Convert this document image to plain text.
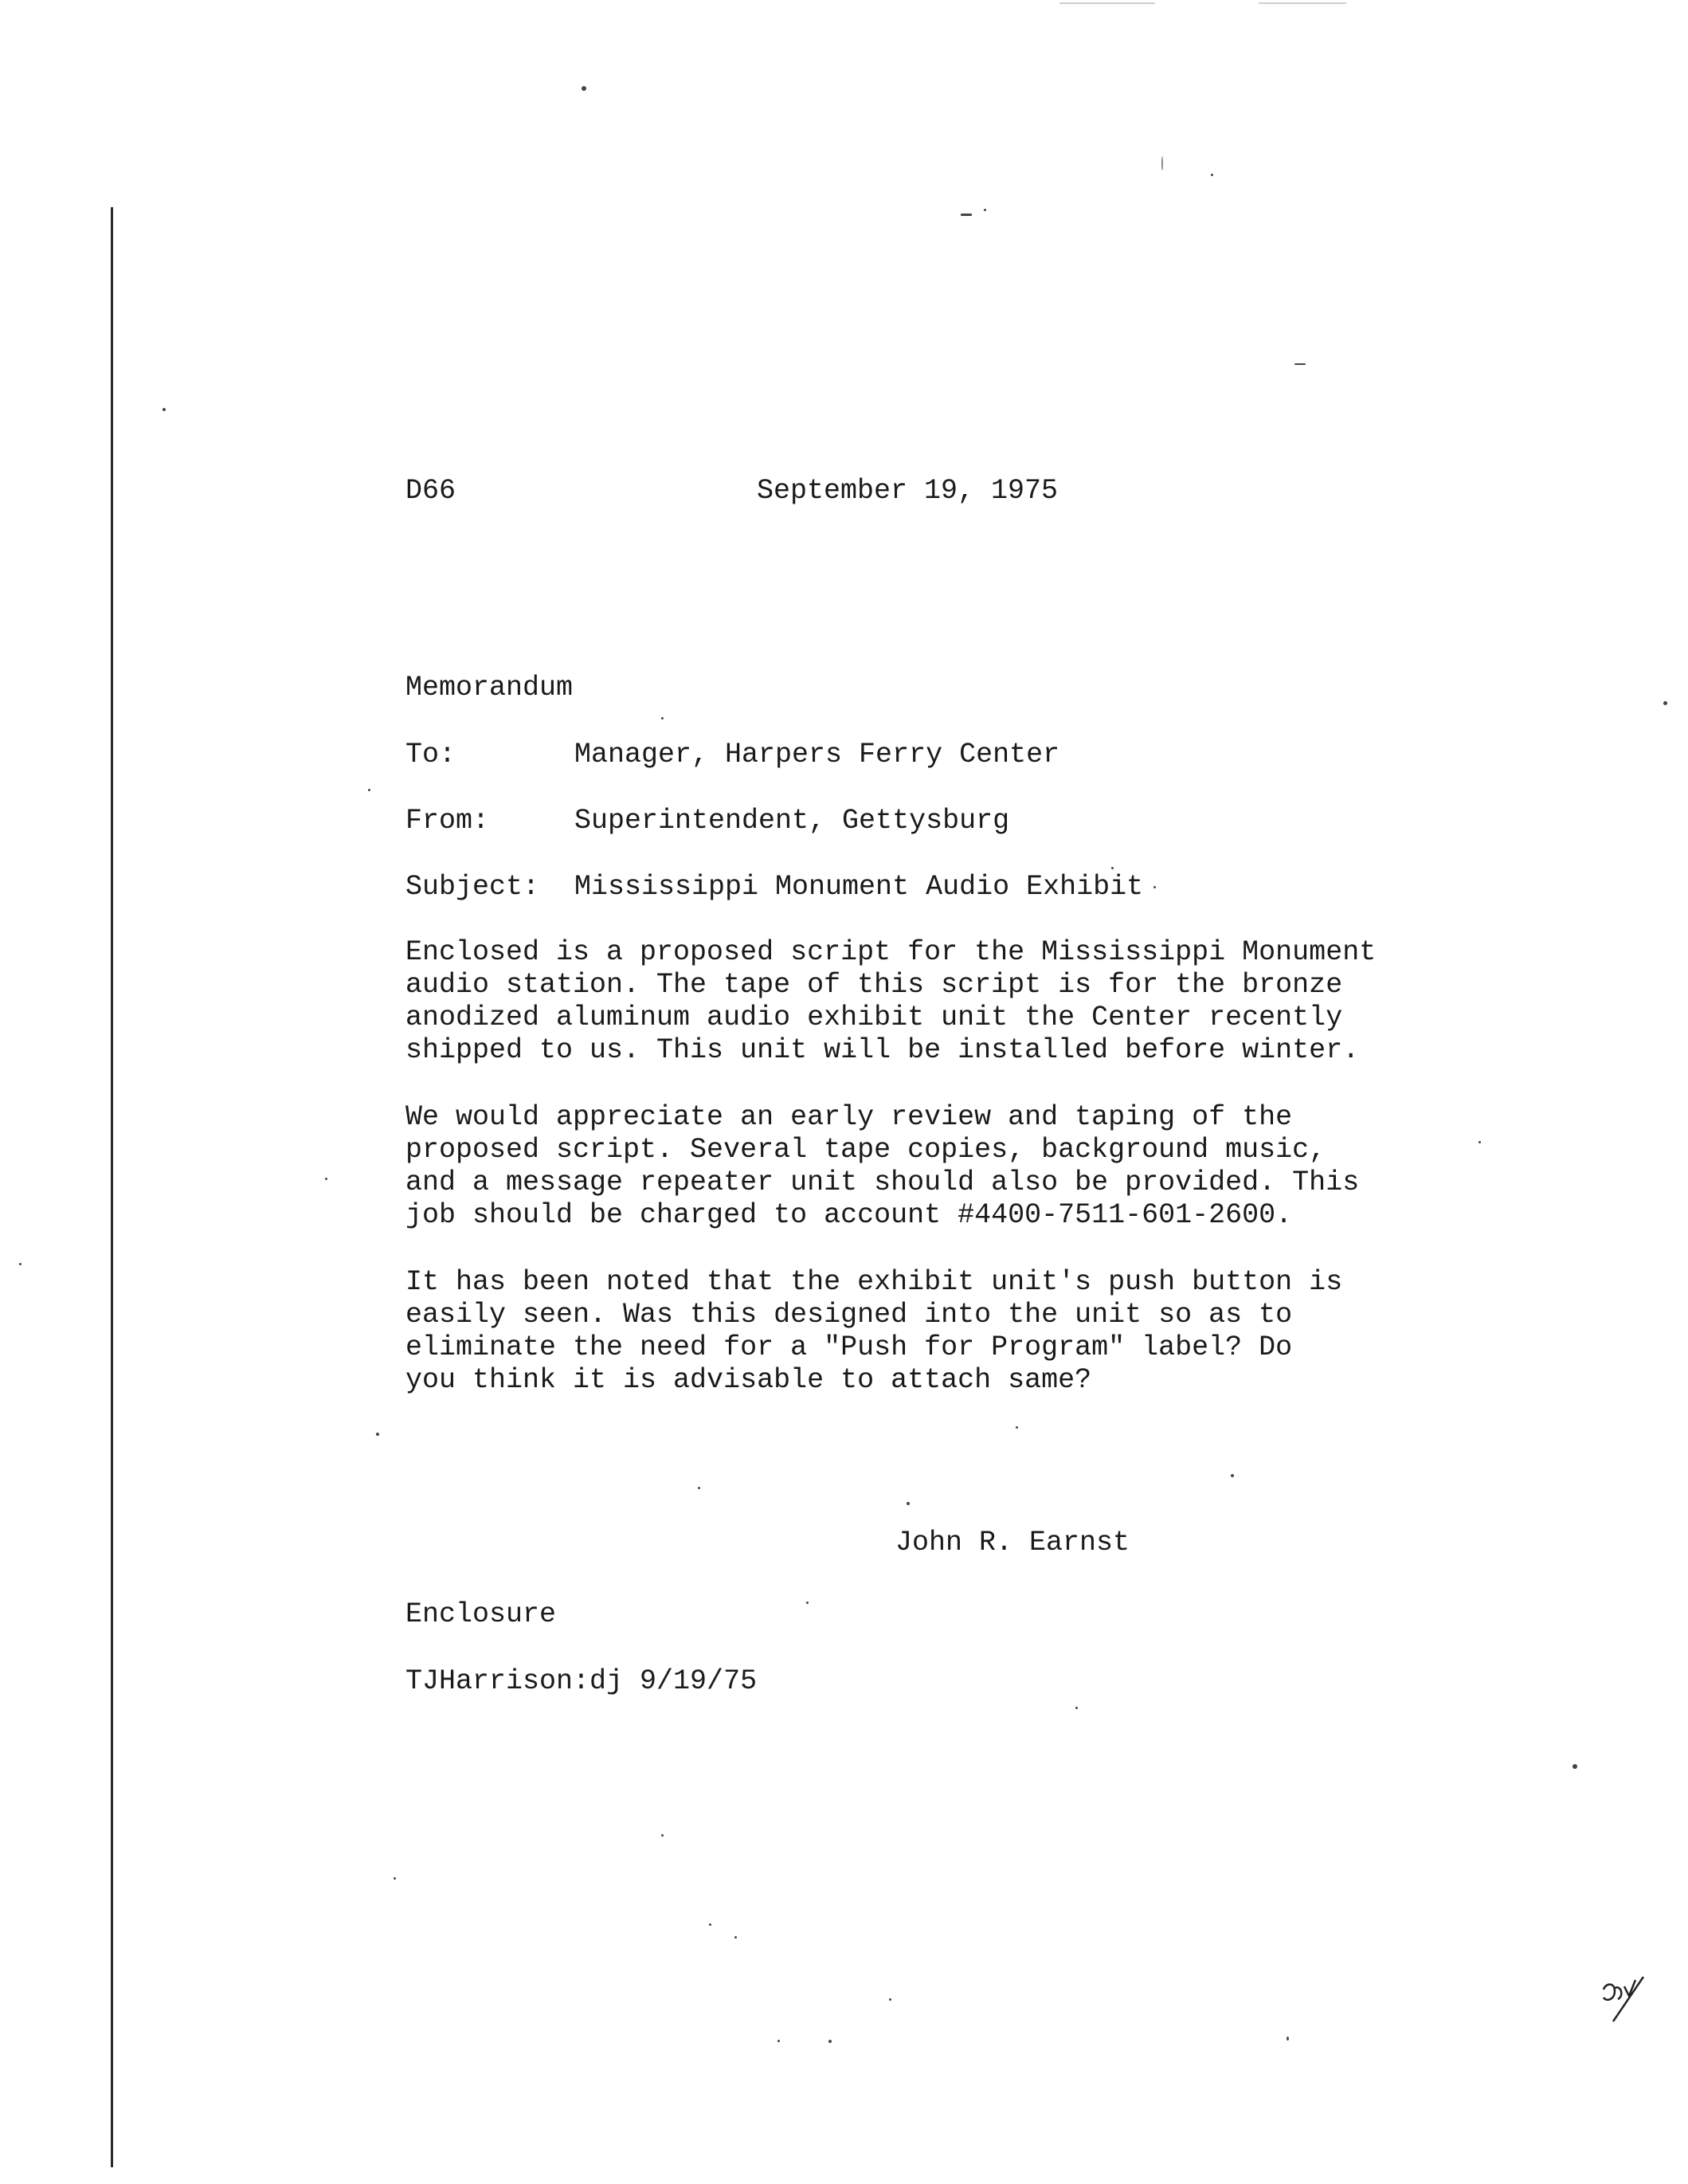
D66	September 19, 1975
Memorandum
To:	Manager, Harpers Ferry Center
From:	Superintendent, Gettysburg
Subject: Mississippi Monument Audio Exhibit

Enclosed is a proposed script for the Mississippi Monument
audio station. The tape of this script is for the bronze
anodized aluminum audio exhibit unit the Center recently
shipped to us. This unit will be installed before winter.

We would appreciate an early review and taping of the
proposed script. Several tape copies, background music,
and a message repeater unit should also be provided. This
job should be charged to account #4400-7511-601-2600.

It has been noted that the exhibit unit's push button is
easily seen. Was this designed into the unit so as to
eliminate the need for a "Push for Program" label? Do
you think it is advisable to attach same?

John R. Earnst
Enclosure
TJHarrison:dj 9/19/75
